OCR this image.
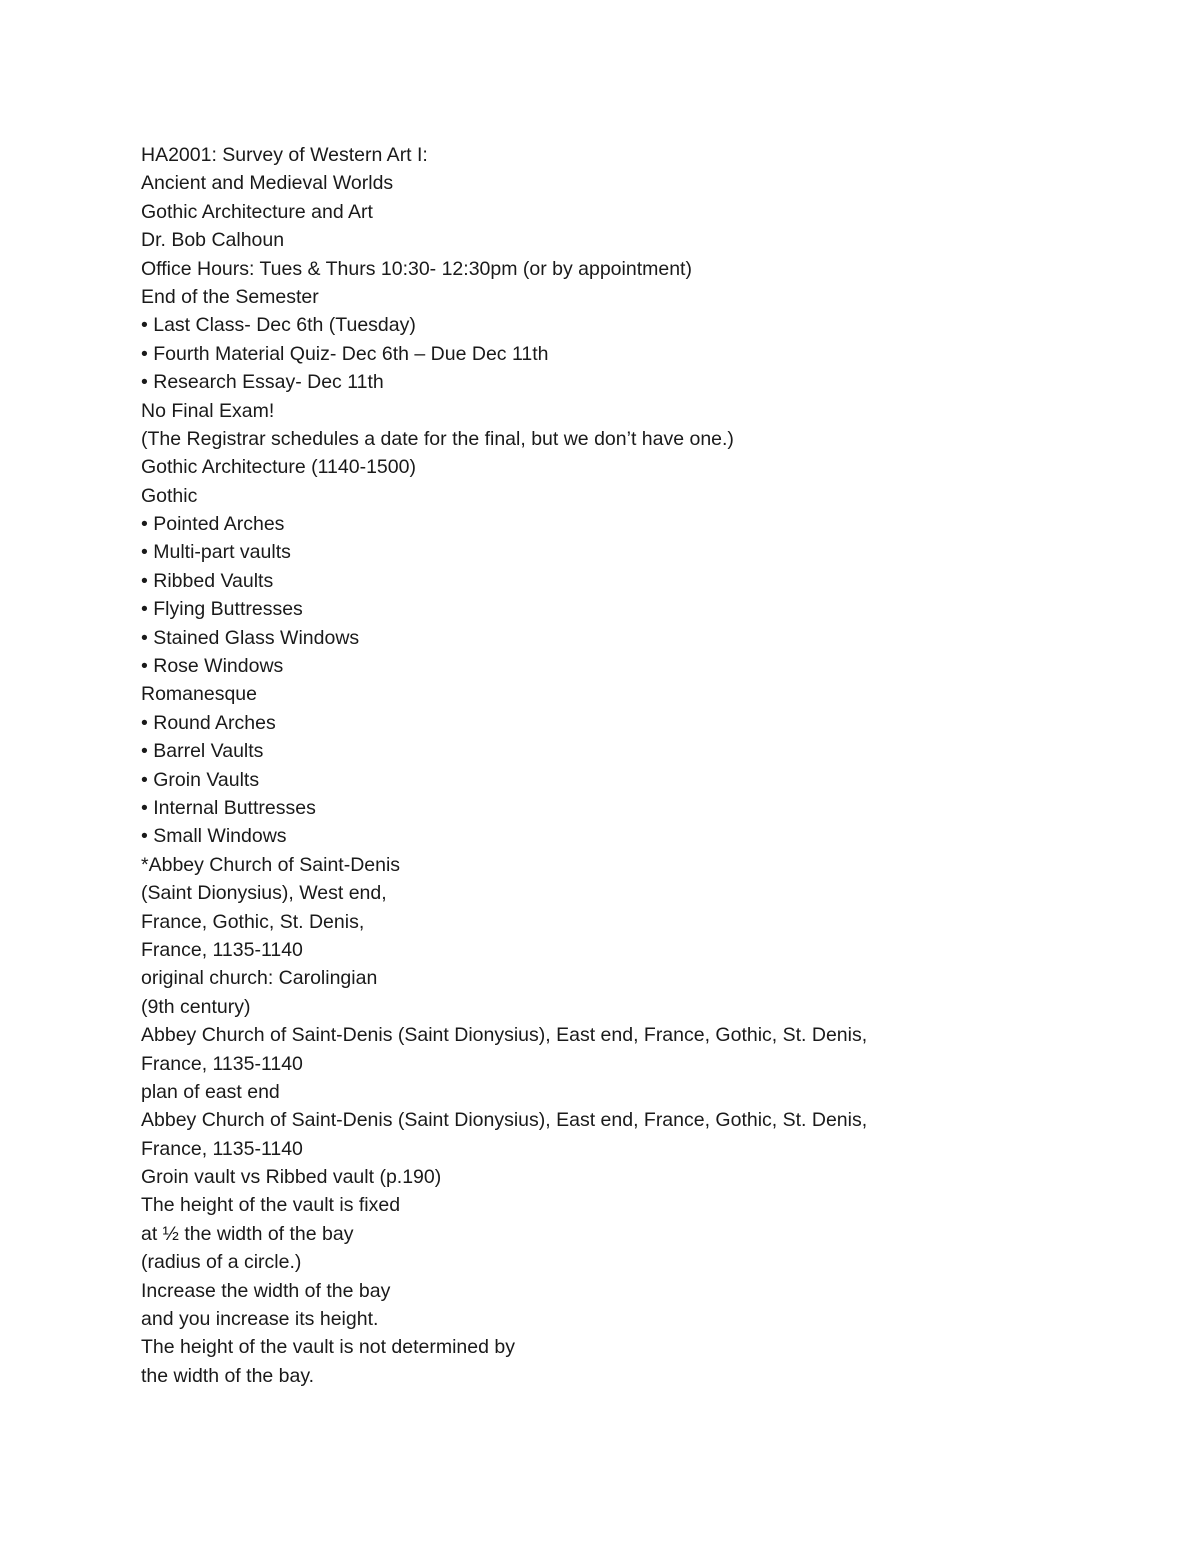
HA2001: Survey of Western Art I:

Ancient and Medieval Worlds

Gothic Architecture and Art

Dr. Bob Calhoun

Office Hours: Tues & Thurs 10:30- 12:30pm (or by appointment)

End of the Semester

• Last Class- Dec 6th (Tuesday)

• Fourth Material Quiz- Dec 6th – Due Dec 11th

• Research Essay- Dec 11th

No Final Exam!

(The Registrar schedules a date for the final, but we don’t have one.)

Gothic Architecture (1140-1500)

Gothic

• Pointed Arches

• Multi-part vaults

• Ribbed Vaults

• Flying Buttresses

• Stained Glass Windows

• Rose Windows

Romanesque

• Round Arches

• Barrel Vaults

• Groin Vaults

• Internal Buttresses

• Small Windows

*Abbey Church of Saint-Denis

(Saint Dionysius), West end,

France, Gothic, St. Denis,

France, 1135-1140

original church: Carolingian

(9th century)

Abbey Church of Saint-Denis (Saint Dionysius), East end, France, Gothic, St. Denis,

France, 1135-1140

plan of east end

Abbey Church of Saint-Denis (Saint Dionysius), East end, France, Gothic, St. Denis,

France, 1135-1140

Groin vault vs Ribbed vault (p.190)

The height of the vault is fixed

at ½ the width of the bay

(radius of a circle.)

Increase the width of the bay

and you increase its height.

The height of the vault is not determined by

the width of the bay.
